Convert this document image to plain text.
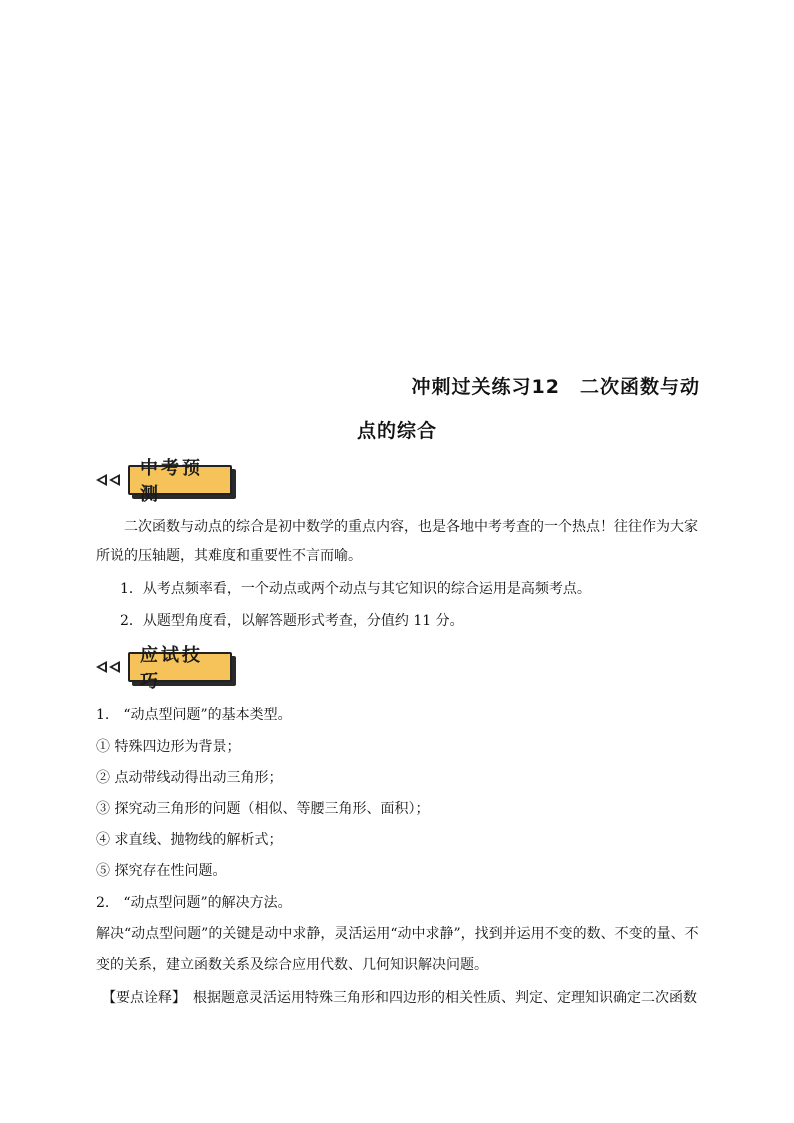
冲刺过关练习12　二次函数与动
点的综合
中考预测
二次函数与动点的综合是初中数学的重点内容，也是各地中考考查的一个热点！往往作为大家
所说的压轴题，其难度和重要性不言而喻。
1．从考点频率看，一个动点或两个动点与其它知识的综合运用是高频考点。
2．从题型角度看，以解答题形式考查，分值约 11 分。
应试技巧
1.　“动点型问题”的基本类型。
① 特殊四边形为背景；
② 点动带线动得出动三角形；
③ 探究动三角形的问题（相似、等腰三角形、面积）；
④ 求直线、抛物线的解析式；
⑤ 探究存在性问题。
2.　“动点型问题”的解决方法。
解决“动点型问题”的关键是动中求静，灵活运用“动中求静”，找到并运用不变的数、不变的量、不
变的关系，建立函数关系及综合应用代数、几何知识解决问题。
【要点诠释】　根据题意灵活运用特殊三角形和四边形的相关性质、判定、定理知识确定二次函数
